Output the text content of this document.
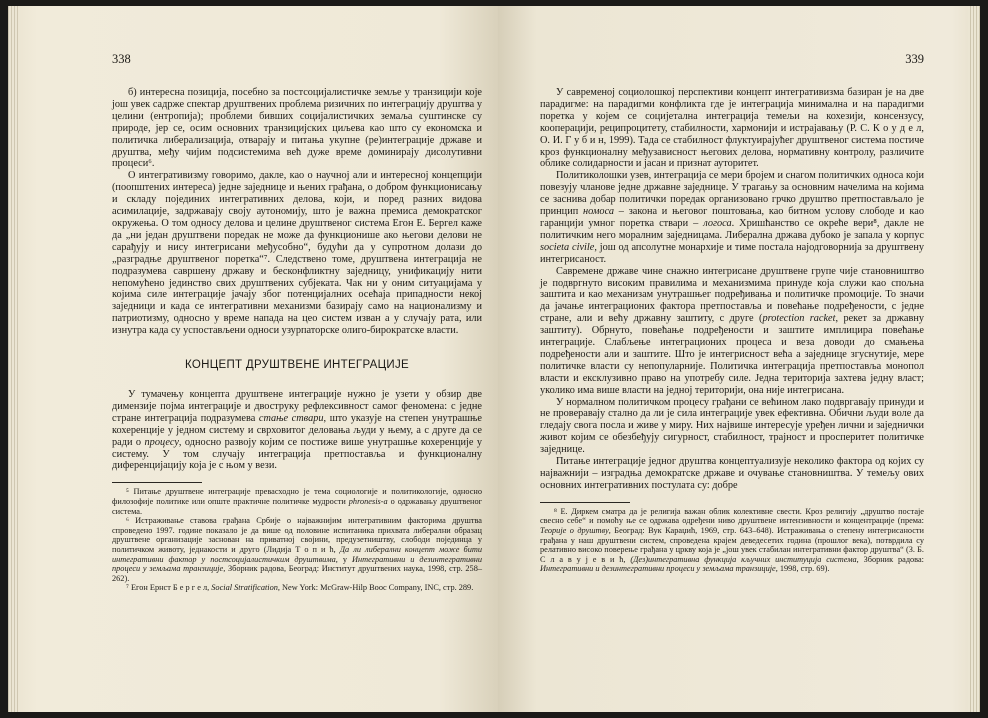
338

б) интересна позиција, посебно за постсоцијалистичке земље у транзицији које још увек садрже спектар друштвених проблема ризичних по интеграцију друштва у целини (ентропија); проблеми бивших социјалистичких земаља суштинске су природе, јер се, осим основних транзицијских циљева као што су економска и политичка либерализација, отварају и питања укупне (ре)интеграције државе и друштва, међу чијим подсистемима већ дуже време доминирају дисолутивни процеси⁶.

О интегративизму говоримо, дакле, као о научној али и интересној концепцији (поопштених интереса) једне заједнице и њених грађана, о добром функционисању и складу појединих интегративних делова, који, и поред разних видова асимилације, задржавају своју аутономију, што је важна премиса демократског окружења. О том односу делова и целине друштвеног система Егон Е. Бергел каже да „ни један друштвени поредак не може да функционише ако његови делови не сарађују и нису интегрисани међусобно“, будући да у супротном долази до „разградње друштвеног поретка“⁷. Следствено томе, друштвена интеграција не подразумева савршену државу и бесконфликтну заједницу, унификацију нити непомућено јединство свих друштвених субјеката. Чак ни у оним ситуацијама у којима силе интеграције јачају због потенцијалних осећаја припадности некој заједници и када се интегративни механизми базирају само на национализму и патриотизму, односно у време напада на цео систем изван а у случају рата, или изнутра када су успостављени односи узурпаторске олиго-бирократске власти.

КОНЦЕПТ ДРУШТВЕНЕ ИНТЕГРАЦИЈЕ

У тумачењу концепта друштвене интеграције нужно је узети у обзир две димензије појма интеграције и двоструку рефлексивност самог феномена: с једне стране интеграција подразумева стање ствари, што указује на степен унутрашње кохеренције у једном систему и сврховитог деловања људи у њему, а с друге да се ради о процесу, односно развоју којим се постиже више унутрашње кохеренције у систему. У том случају интеграција претпоставља и функционалну диференцијацију која је с њом у вези.

⁵ Питање друштвене интеграције превасходно је тема социологије и политикологије, односно филозофије политике или опште практичне политичке мудрости phronesis-а о одржавању друштвеног система.

⁶ Истраживање ставова грађана Србије о најважнијим интегративним факторима друштва спроведено 1997. године показало је да више од половине испитаника прихвата либерални образац друштвене организације заснован на приватној својини, предузетништву, слободи појединца у политичком животу, једнакости и другo (Лидија Т о п и ћ, Да ли либерални концепт може бити интегративни фактор у постсоцијалистичким друштвима, у Интегративни и дезинтегративни процеси у земљама транзиције, Зборник радова, Београд: Институт друштвених наука, 1998, стр. 258–262).

⁷ Егон Ернст Б е р г е л, Social Stratification, New York: McGraw-Hilp Booc Company, INC, стр. 289.

339

У савременој социолошкој перспективи концепт интегративизма базиран је на две парадигме: на парадигми конфликта где је интеграција минимална и на парадигми поретка у којем се социјетална интеграција темељи на кохезији, консензусу, кооперацији, реципроцитету, стабилности, хармонији и истрајавању (Р. С. К о у д е л, О. И. Г у б и н, 1999). Тада се стабилност флуктуирајућег друштвеног система постиче кроз функционалну међузависност његових делова, нормативну контролу, различите облике солидарности и јасан и признат ауторитет.

Политиколошки узев, интеграција се мери бројем и снагом политичких односа који повезују чланове једне државне заједнице. У трагању за основним начелима на којима се заснива добар политички поредак организовано грчко друштво претпостављало је принцип номоса – закона и његовог поштовања, као битном услову слободе и као гаранцији умног поретка ствари – логоса. Хришћанство се окреће вери⁸, дакле не политичким него моралним заједницама. Либерална држава дубоко је запала у корпус societa civile, још од апсолутне монархије и тиме постала најодговорнија за друштвену интегрисаност.

Савремене државе чине снажно интегрисане друштвене групе чије становништво је подвргнуто високим правилима и механизмима принуде која служи као спољна заштита и као механизам унутрашњег подређивања и политичке промоције. То значи да јачање интеграционих фактора претпоставља и повећање подређености, с једне стране, али и већу државну заштиту, с друге (protection racket, рекет за државну заштиту). Обрнуто, повећање подређености и заштите имплицира повећање интеграције. Слабљење интеграционих процеса и веза доводи до смањења подређености али и заштите. Што је интегрисност већа а заједнице згуснутије, мере политичке власти су непопуларније. Политичка интеграција претпоставља монопол власти и ексклузивно право на употребу силе. Једна територија захтева једну власт; уколико има више власти на једној територији, она није интегрисана.

У нормалном политичком процесу грађани се већином лако подвргавају принуди и не проверавају стално да ли је сила интеграције увек ефективна. Обични људи воле да гледају свога посла и живе у миру. Них највише интересује уређен лични и заједнички живот којим се обезбеђују сигурност, стабилност, трајност и просперитет политичке заједнице.

Питање интеграције једног друштва концептуализује неколико фактора од којих су најважнији – изградња демократске државе и очување становништва. У темељу ових основних интегративних постулата су: добре

⁸ Е. Диркем сматра да је религија важан облик колективне свести. Кроз религију „друштво постаје свесно себе“ и помоћу ње се одржава одређени ниво друштвене интензивности и концентрације (према: Теорије о друштву, Београд: Вук Караџић, 1969, стр. 643–648). Истраживања о степену интегрисаности грађана у наш друштвени систем, спроведена крајем деведесетих година (прошлог века), потврдила су релативно високо поверење грађана у цркву која је „још увек стабилан интегративни фактор друштва“ (З. Б. С л а в у ј е в и ћ, (Дез)интегративна функција кључних институција система, Зборник радова: Интегративни и дезинтегративни процеси у земљама транзиције, 1998, стр. 69).
